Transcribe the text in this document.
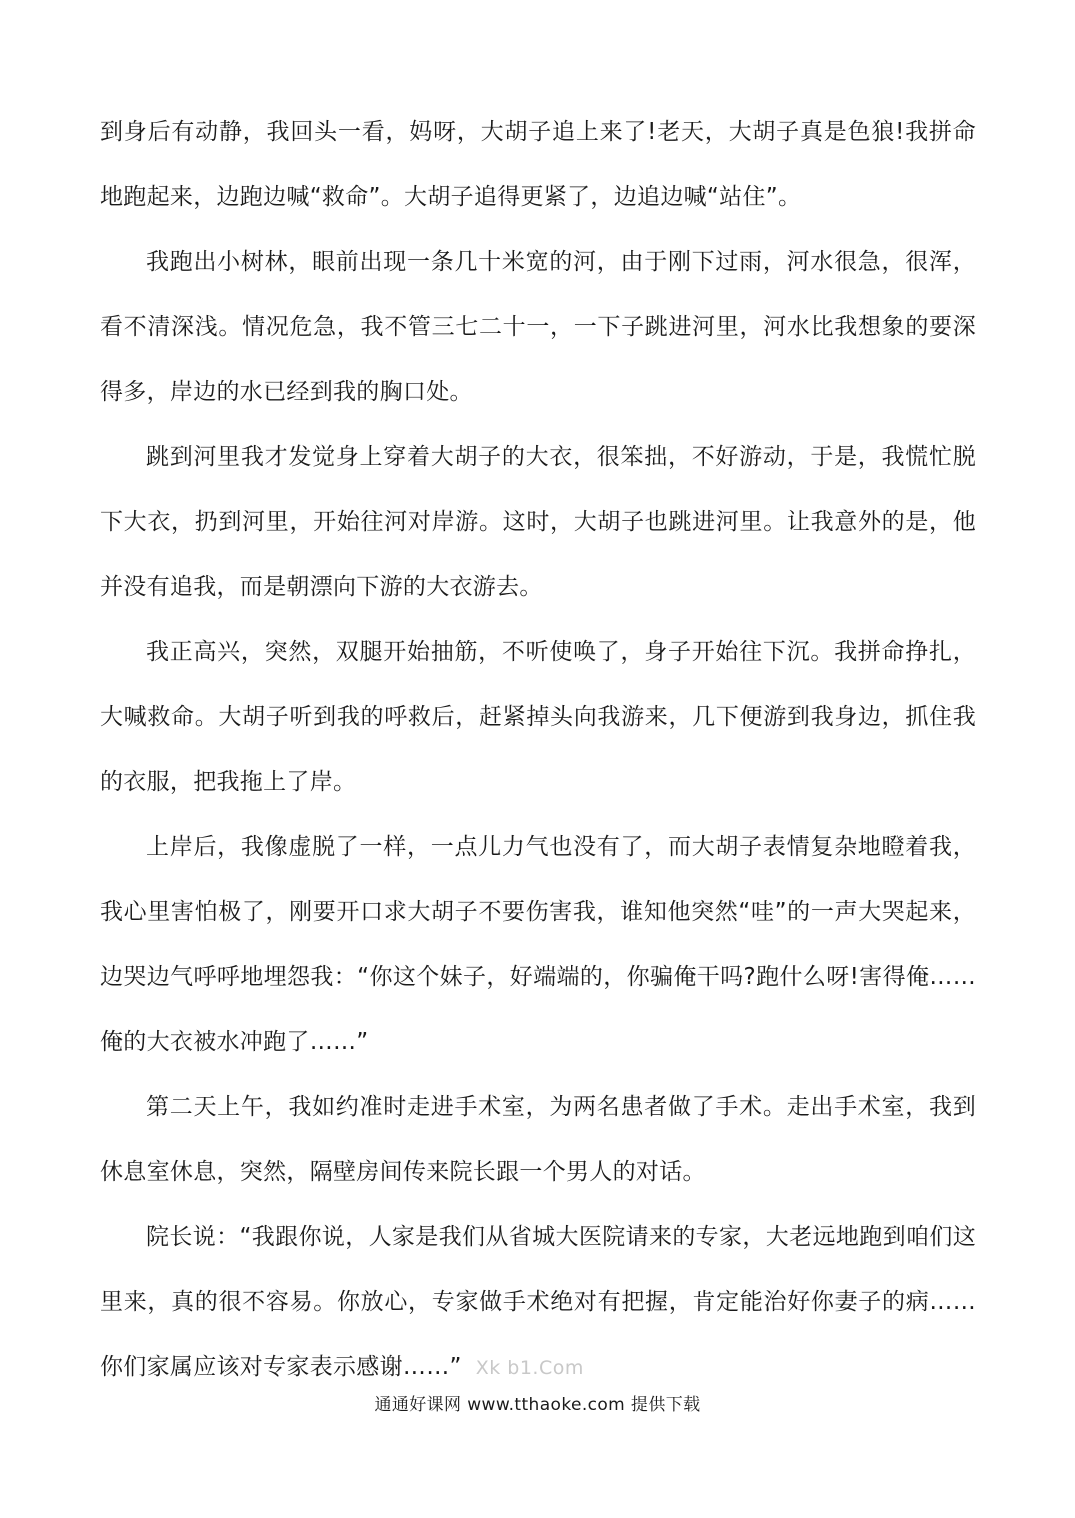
到身后有动静，我回头一看，妈呀，大胡子追上来了!老天，大胡子真是色狼!我拼命地跑起来，边跑边喊“救命”。大胡子追得更紧了，边追边喊“站住”。

我跑出小树林，眼前出现一条几十米宽的河，由于刚下过雨，河水很急，很浑，看不清深浅。情况危急，我不管三七二十一，一下子跳进河里，河水比我想象的要深得多，岸边的水已经到我的胸口处。

跳到河里我才发觉身上穿着大胡子的大衣，很笨拙，不好游动，于是，我慌忙脱下大衣，扔到河里，开始往河对岸游。这时，大胡子也跳进河里。让我意外的是，他并没有追我，而是朝漂向下游的大衣游去。

我正高兴，突然，双腿开始抽筋，不听使唤了，身子开始往下沉。我拼命挣扎，大喊救命。大胡子听到我的呼救后，赶紧掉头向我游来，几下便游到我身边，抓住我的衣服，把我拖上了岸。

上岸后，我像虚脱了一样，一点儿力气也没有了，而大胡子表情复杂地瞪着我，我心里害怕极了，刚要开口求大胡子不要伤害我，谁知他突然“哇”的一声大哭起来，边哭边气呼呼地埋怨我：“你这个妹子，好端端的，你骗俺干吗?跑什么呀!害得俺……俺的大衣被水冲跑了……”

第二天上午，我如约准时走进手术室，为两名患者做了手术。走出手术室，我到休息室休息，突然，隔壁房间传来院长跟一个男人的对话。

院长说：“我跟你说，人家是我们从省城大医院请来的专家，大老远地跑到咱们这里来，真的很不容易。你放心，专家做手术绝对有把握，肯定能治好你妻子的病……你们家属应该对专家表示感谢……” Xk b1.Com

通通好课网 www.tthaoke.com 提供下载
